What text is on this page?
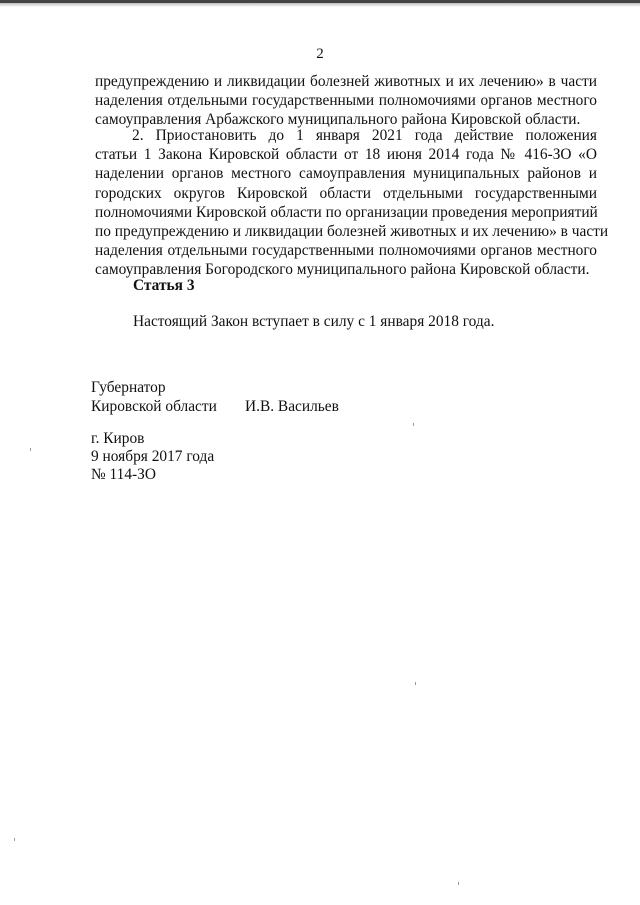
2
предупреждению и ликвидации болезней животных и их лечению» в части
наделения отдельными государственными полномочиями органов местного
самоуправления Арбажского муниципального района Кировской области.
2. Приостановить до 1 января 2021 года действие положения
статьи 1 Закона Кировской области от 18 июня 2014 года № 416-ЗО «О
наделении органов местного самоуправления муниципальных районов и
городских округов Кировской области отдельными государственными
полномочиями Кировской области по организации проведения мероприятий
по предупреждению и ликвидации болезней животных и их лечению» в части
наделения отдельными государственными полномочиями органов местного
самоуправления Богородского муниципального района Кировской области.
Статья 3
Настоящий Закон вступает в силу с 1 января 2018 года.
Губернатор
Кировской области И.В. Васильев
г. Киров
9 ноября 2017 года
№ 114-ЗО
